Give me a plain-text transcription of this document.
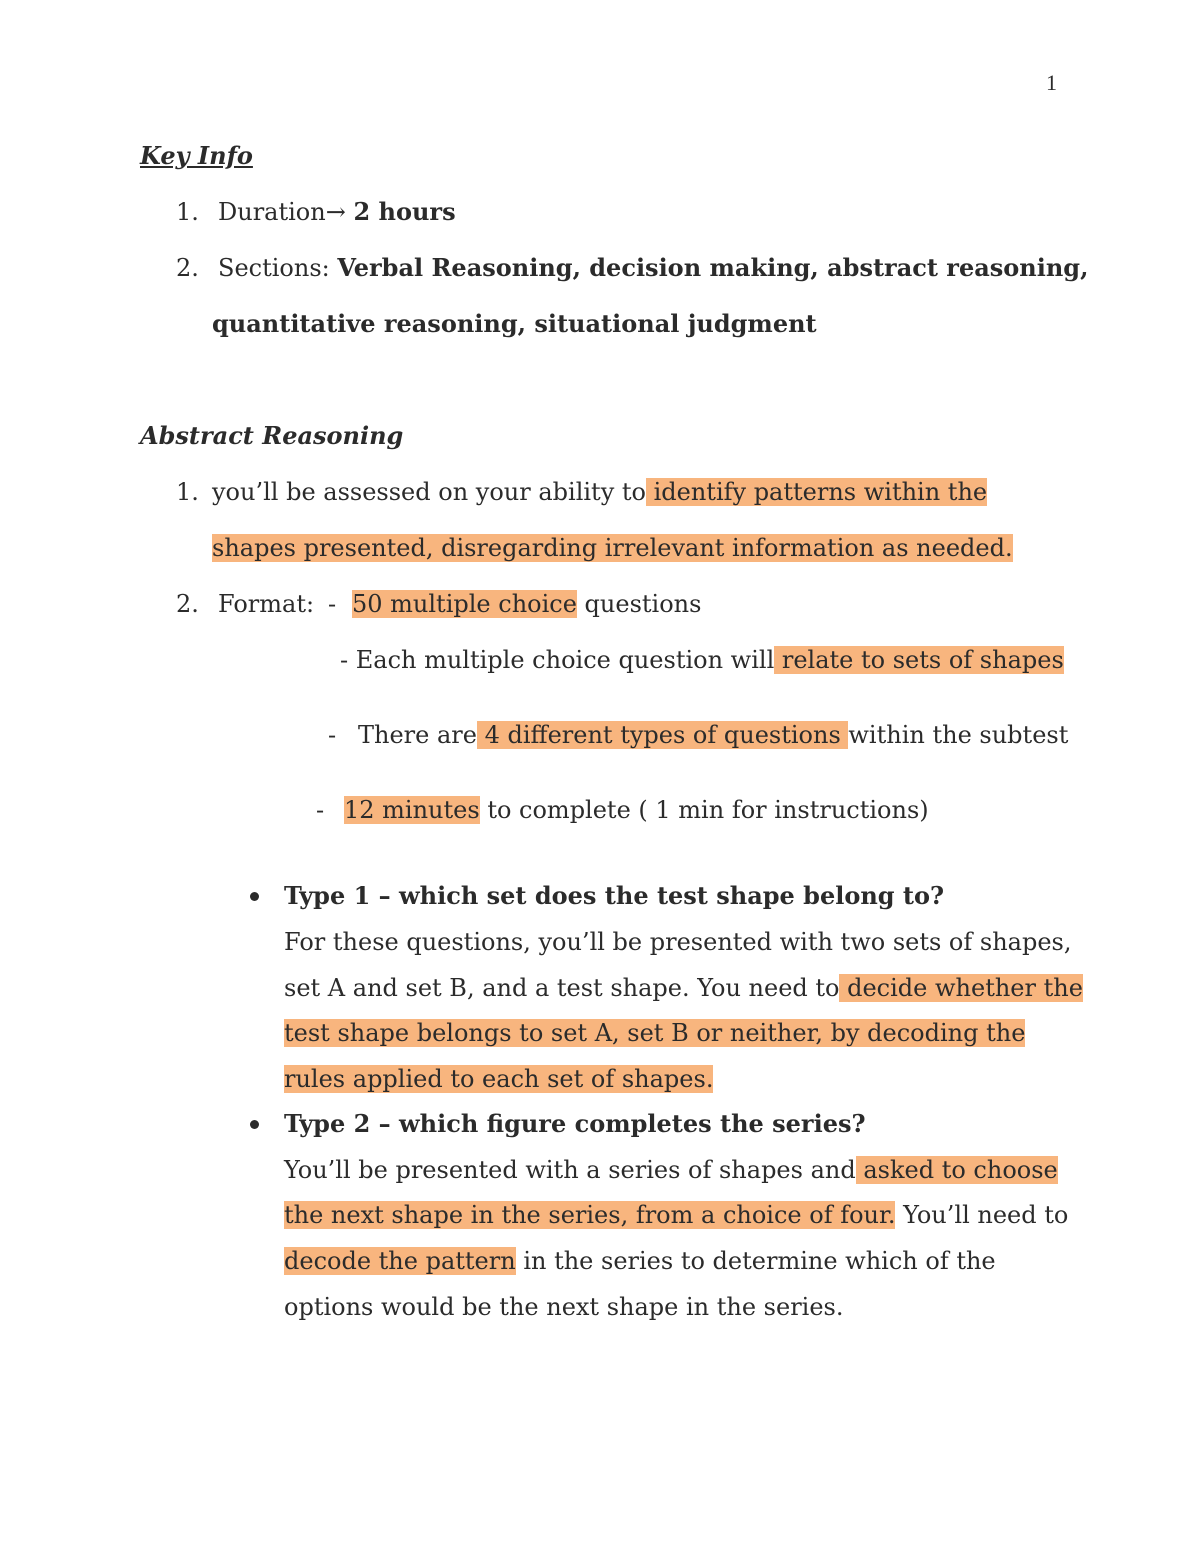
1
Key Info
1. Duration→ 2 hours
2. Sections: Verbal Reasoning, decision making, abstract reasoning,
quantitative reasoning, situational judgment
Abstract Reasoning
1. you’ll be assessed on your ability to identify patterns within the
shapes presented, disregarding irrelevant information as needed.
2. Format: - 50 multiple choice questions
- Each multiple choice question will relate to sets of shapes
- There are 4 different types of questions within the subtest
- 12 minutes to complete ( 1 min for instructions)
Type 1 – which set does the test shape belong to?
For these questions, you’ll be presented with two sets of shapes,
set A and set B, and a test shape. You need to decide whether the
test shape belongs to set A, set B or neither, by decoding the
rules applied to each set of shapes.
Type 2 – which figure completes the series?
You’ll be presented with a series of shapes and asked to choose
the next shape in the series, from a choice of four. You’ll need to
decode the pattern in the series to determine which of the
options would be the next shape in the series.
